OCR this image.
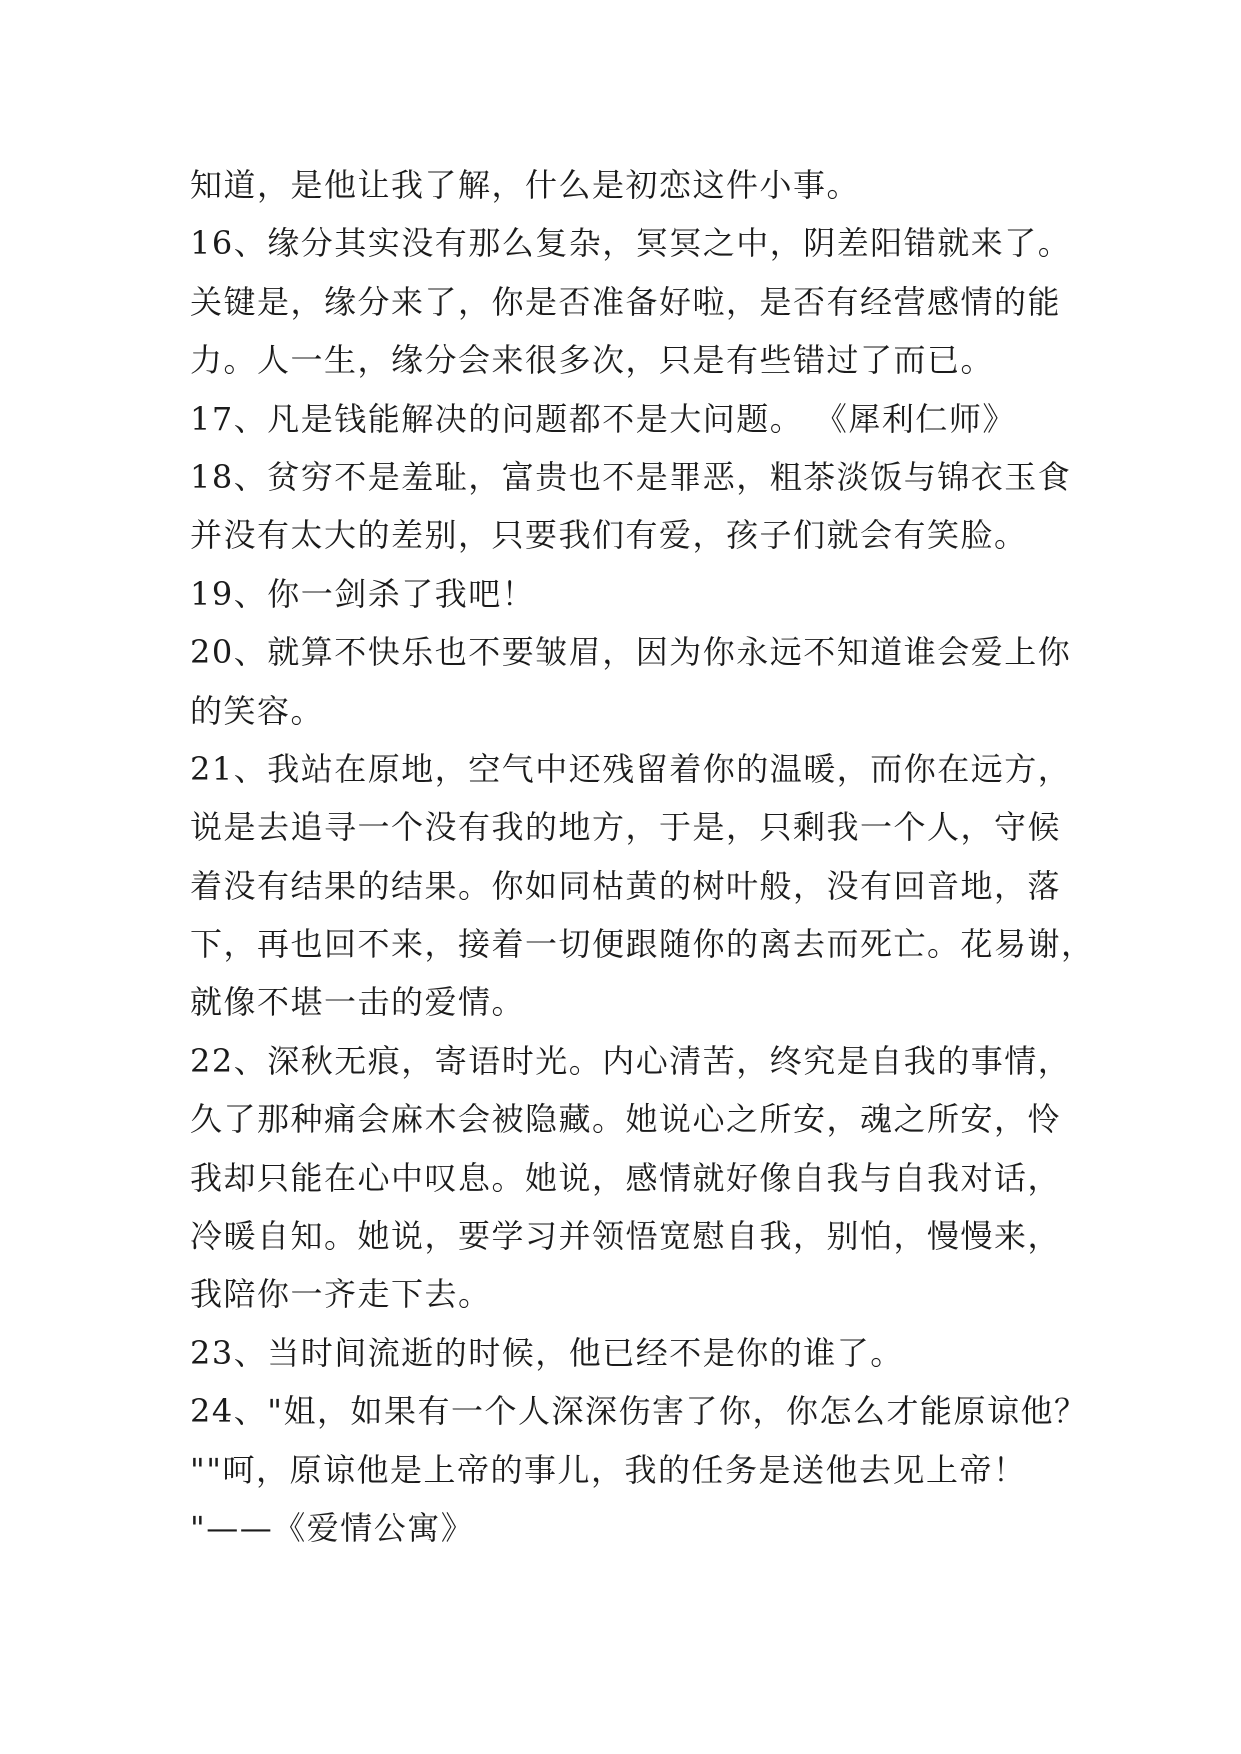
知道，是他让我了解，什么是初恋这件小事。
16、缘分其实没有那么复杂，冥冥之中，阴差阳错就来了。
关键是，缘分来了，你是否准备好啦，是否有经营感情的能
力。人一生，缘分会来很多次，只是有些错过了而已。
17、凡是钱能解决的问题都不是大问题。 《犀利仁师》
18、贫穷不是羞耻，富贵也不是罪恶，粗茶淡饭与锦衣玉食
并没有太大的差别，只要我们有爱，孩子们就会有笑脸。
19、你一剑杀了我吧！
20、就算不快乐也不要皱眉，因为你永远不知道谁会爱上你
的笑容。
21、我站在原地，空气中还残留着你的温暖，而你在远方，
说是去追寻一个没有我的地方，于是，只剩我一个人，守候
着没有结果的结果。你如同枯黄的树叶般，没有回音地，落
下，再也回不来，接着一切便跟随你的离去而死亡。花易谢，
就像不堪一击的爱情。
22、深秋无痕，寄语时光。内心清苦，终究是自我的事情，
久了那种痛会麻木会被隐藏。她说心之所安，魂之所安，怜
我却只能在心中叹息。她说，感情就好像自我与自我对话，
冷暖自知。她说，要学习并领悟宽慰自我，别怕，慢慢来，
我陪你一齐走下去。
23、当时间流逝的时候，他已经不是你的谁了。
24、"姐，如果有一个人深深伤害了你，你怎么才能原谅他？
""呵，原谅他是上帝的事儿，我的任务是送他去见上帝！
"——《爱情公寓》
